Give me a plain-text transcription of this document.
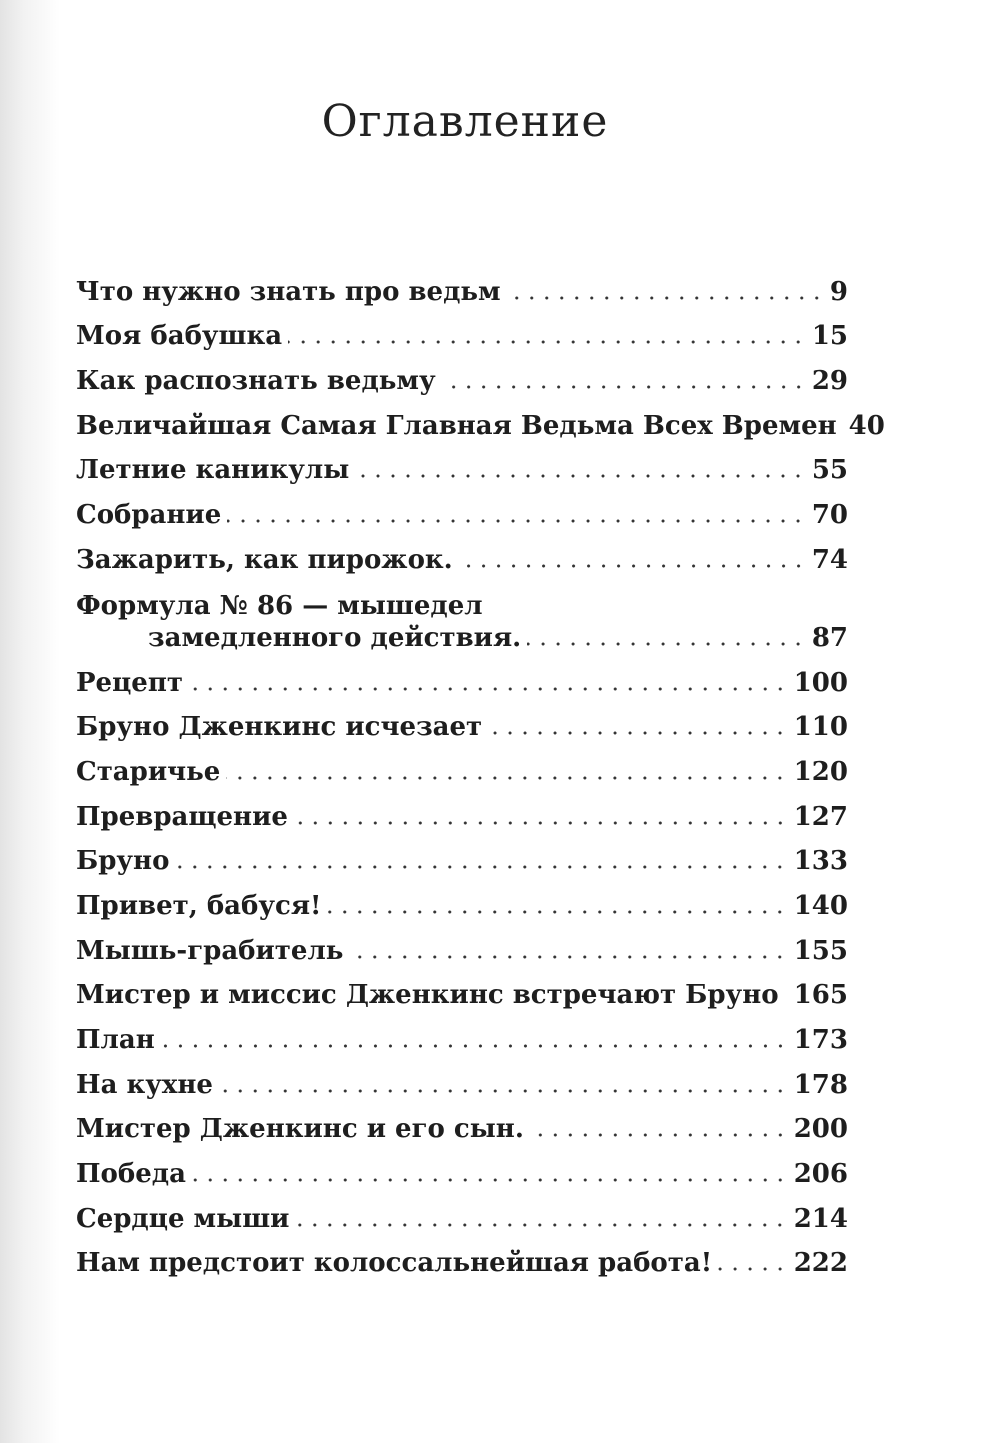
Оглавление
Что нужно знать про ведьм	9
Моя бабушка	15
Как распознать ведьму	29
Величайшая Самая Главная Ведьма Всех Времен 40
Летние каникулы	55
Собрание	70
Зажарить, как пирожок.	74
Формула № 86 — мышедел
замедленного действия.	87
Рецепт	100
Бруно Дженкинс исчезает	110
Старичье	120
Превращение	127
Бруно	133
Привет, бабуся!	140
Мышь-грабитель	155
Мистер и миссис Дженкинс встречают Бруно 165
План	173
На кухне	178
Мистер Дженкинс и его сын.	200
Победа	206
Сердце мыши	214
Нам предстоит колоссальнейшая работа!	222
